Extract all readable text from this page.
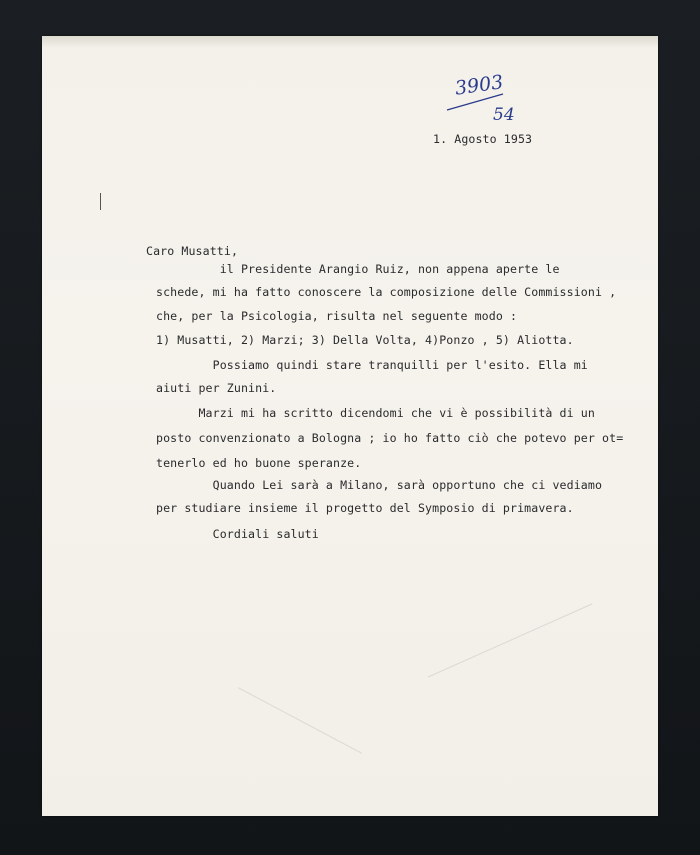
3903
54
1. Agosto 1953
Caro Musatti,
il Presidente Arangio Ruiz, non appena aperte le
schede, mi ha fatto conoscere la composizione delle Commissioni ,
che, per la Psicologia, risulta nel seguente modo :
1) Musatti, 2) Marzi; 3) Della Volta, 4)Ponzo , 5) Aliotta.
Possiamo quindi stare tranquilli per l'esito. Ella mi
aiuti per Zunini.
Marzi mi ha scritto dicendomi che vi è possibilità di un
posto convenzionato a Bologna ; io ho fatto ciò che potevo per ot=
tenerlo ed ho buone speranze.
Quando Lei sarà a Milano, sarà opportuno che ci vediamo
per studiare insieme il progetto del Symposio di primavera.
Cordiali saluti
